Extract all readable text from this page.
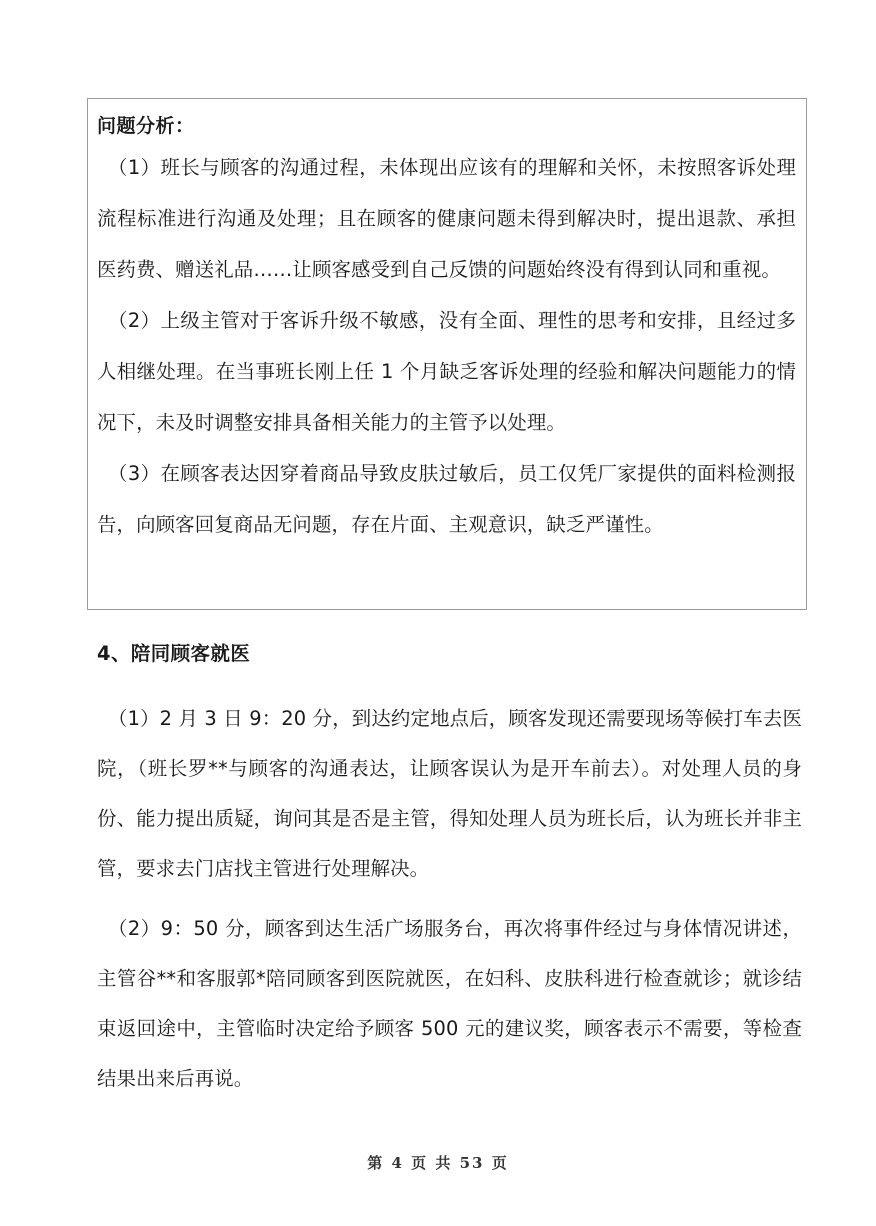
问题分析：

（1）班长与顾客的沟通过程，未体现出应该有的理解和关怀，未按照客诉处理流程标准进行沟通及处理；且在顾客的健康问题未得到解决时，提出退款、承担医药费、赠送礼品……让顾客感受到自己反馈的问题始终没有得到认同和重视。

（2）上级主管对于客诉升级不敏感，没有全面、理性的思考和安排，且经过多人相继处理。在当事班长刚上任 1 个月缺乏客诉处理的经验和解决问题能力的情况下，未及时调整安排具备相关能力的主管予以处理。

（3）在顾客表达因穿着商品导致皮肤过敏后，员工仅凭厂家提供的面料检测报告，向顾客回复商品无问题，存在片面、主观意识，缺乏严谨性。

4、陪同顾客就医

（1）2 月 3 日 9：20 分，到达约定地点后，顾客发现还需要现场等候打车去医院，（班长罗**与顾客的沟通表达，让顾客误认为是开车前去）。对处理人员的身份、能力提出质疑，询问其是否是主管，得知处理人员为班长后，认为班长并非主管，要求去门店找主管进行处理解决。

（2）9：50 分，顾客到达生活广场服务台，再次将事件经过与身体情况讲述，主管谷**和客服郭*陪同顾客到医院就医，在妇科、皮肤科进行检查就诊；就诊结束返回途中，主管临时决定给予顾客 500 元的建议奖，顾客表示不需要，等检查结果出来后再说。

第 4 页 共 53 页
